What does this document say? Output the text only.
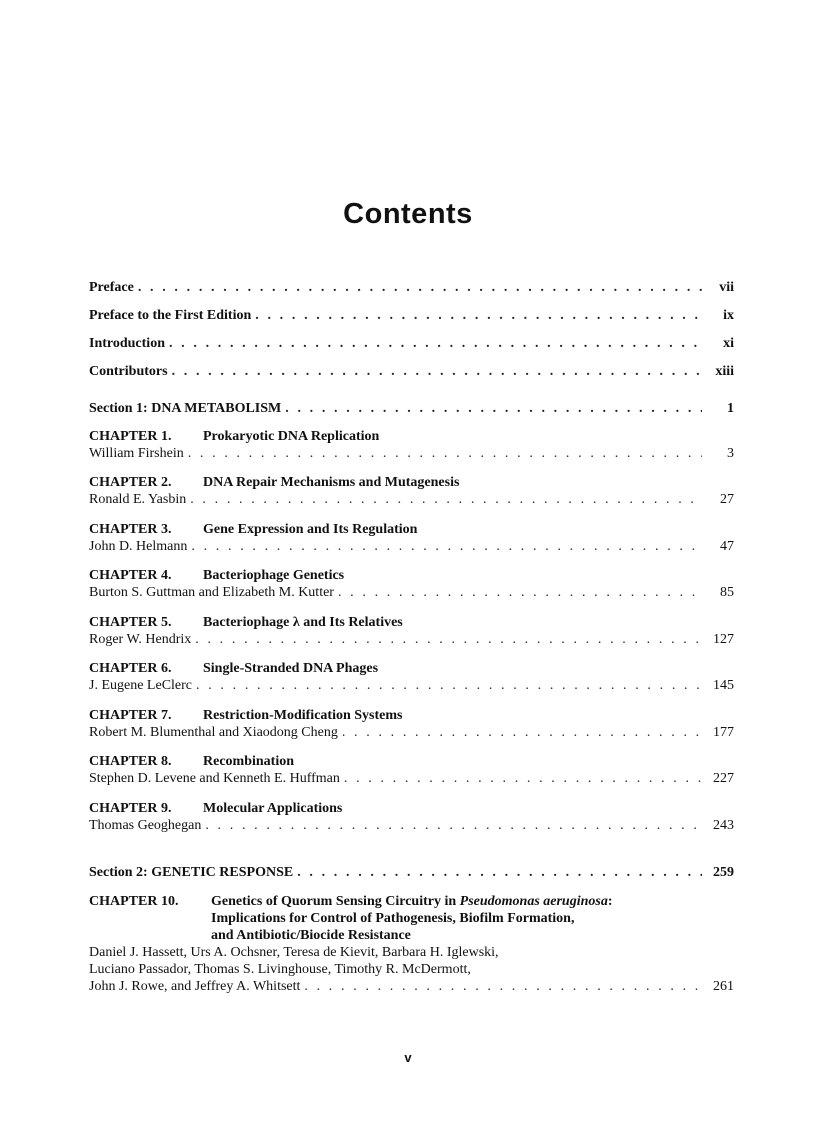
Contents
Preface . . .	vii
Preface to the First Edition . . .	ix
Introduction . . .	xi
Contributors . . .	xiii
Section 1: DNA METABOLISM . . .	1
CHAPTER 1. Prokaryotic DNA Replication
William Firshein . . .	3
CHAPTER 2. DNA Repair Mechanisms and Mutagenesis
Ronald E. Yasbin . . .	27
CHAPTER 3. Gene Expression and Its Regulation
John D. Helmann . . .	47
CHAPTER 4. Bacteriophage Genetics
Burton S. Guttman and Elizabeth M. Kutter . . .	85
CHAPTER 5. Bacteriophage λ and Its Relatives
Roger W. Hendrix . . .	127
CHAPTER 6. Single-Stranded DNA Phages
J. Eugene LeClerc . . .	145
CHAPTER 7. Restriction-Modification Systems
Robert M. Blumenthal and Xiaodong Cheng . . .	177
CHAPTER 8. Recombination
Stephen D. Levene and Kenneth E. Huffman . . .	227
CHAPTER 9. Molecular Applications
Thomas Geoghegan . . .	243
Section 2: GENETIC RESPONSE . . .	259
CHAPTER 10.	Genetics of Quorum Sensing Circuitry in Pseudomonas aeruginosa:
Implications for Control of Pathogenesis, Biofilm Formation,
and Antibiotic/Biocide Resistance
Daniel J. Hassett, Urs A. Ochsner, Teresa de Kievit, Barbara H. Iglewski,
Luciano Passador, Thomas S. Livinghouse, Timothy R. McDermott,
John J. Rowe, and Jeffrey A. Whitsett . . .	261
v
